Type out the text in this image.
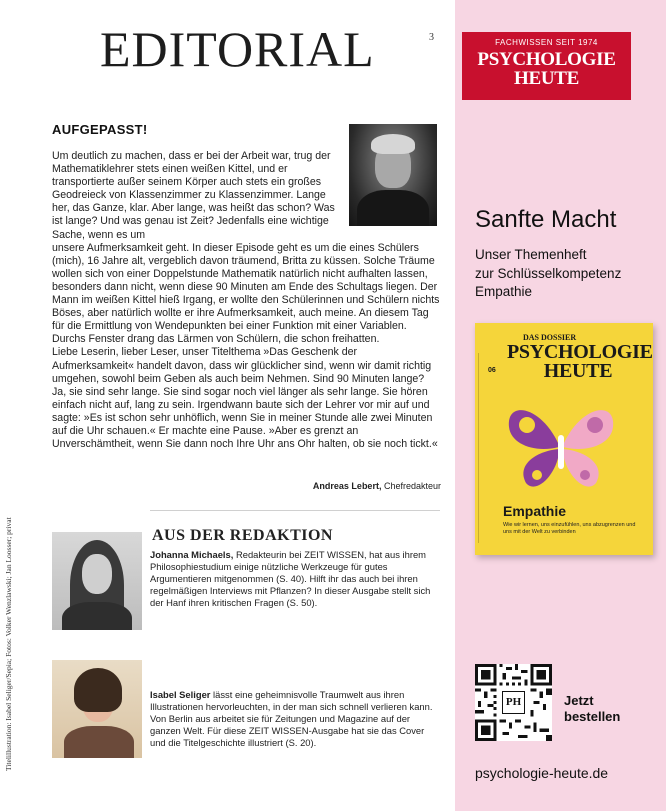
EDITORIAL	3
AUFGEPASST!

Um deutlich zu machen, dass er bei der Arbeit war, trug der Mathematiklehrer stets einen weißen Kittel, und er transportierte außer seinem Körper auch stets ein großes Geodreieck von Klassenzimmer zu Klassenzimmer. Lange her, das Ganze, klar. Aber lange, was heißt das schon? Was ist lange? Und was genau ist Zeit? Jedenfalls eine wichtige Sache, wenn es um

unsere Aufmerksamkeit geht. In dieser Episode geht es um die eines Schülers (mich), 16 Jahre alt, vergeblich davon träumend, Britta zu küssen. Solche Träume wollen sich von einer Doppelstunde Mathematik natürlich nicht aufhalten lassen, besonders dann nicht, wenn diese 90 Minuten am Ende des Schultags liegen. Der Mann im weißen Kittel hieß Irgang, er wollte den Schülerinnen und Schülern nichts Böses, aber natürlich wollte er ihre Aufmerksamkeit, auch meine. An diesem Tag für die Ermittlung von Wendepunkten bei einer Funktion mit einer Variablen. Durchs Fenster drang das Lärmen von Schülern, die schon freihatten.

Liebe Leserin, lieber Leser, unser Titelthema »Das Geschenk der Aufmerksamkeit« handelt davon, dass wir glücklicher sind, wenn wir damit richtig umgehen, sowohl beim Geben als auch beim Nehmen. Sind 90 Minuten lange? Ja, sie sind sehr lange. Sie sind sogar noch viel länger als sehr lange. Sie hören einfach nicht auf, lang zu sein. Irgendwann baute sich der Lehrer vor mir auf und sagte: »Es ist schon sehr unhöflich, wenn Sie in meiner Stunde alle zwei Minuten auf die Uhr schauen.« Er machte eine Pause. »Aber es grenzt an Unverschämtheit, wenn Sie dann noch Ihre Uhr ans Ohr halten, ob sie noch tickt.«

Andreas Lebert, Chefredakteur
AUS DER REDAKTION

Johanna Michaels, Redakteurin bei ZEIT WISSEN, hat aus ihrem Philosophiestudium einige nützliche Werkzeuge für gutes Argumentieren mitgenommen (S. 40). Hilft ihr das auch bei ihren regelmäßigen Interviews mit Pflanzen? In dieser Ausgabe stellt sich der Hanf ihren kritischen Fragen (S. 50).

Isabel Seliger lässt eine geheimnisvolle Traumwelt aus ihren Illustrationen hervorleuchten, in der man sich schnell verlieren kann. Von Berlin aus arbeitet sie für Zeitungen und Magazine auf der ganzen Welt. Für diese ZEIT WISSEN-Ausgabe hat sie das Cover und die Titelgeschichte illustriert (S. 20).

Titelillustration: Isabel Seliger/Sepia; Fotos: Volker Wenzlawski; Jan Loosser; privat
FACHWISSEN SEIT 1974
PSYCHOLOGIE
HEUTE
Sanfte Macht
Unser Themenheft
zur Schlüsselkompetenz
Empathie
DAS DOSSIER
PSYCHOLOGIE
HEUTE
06
Empathie
Wie wir lernen, uns einzufühlen, uns abzugrenzen und uns mit der Welt zu verbinden
PH	Jetzt
bestellen
psychologie-heute.de
